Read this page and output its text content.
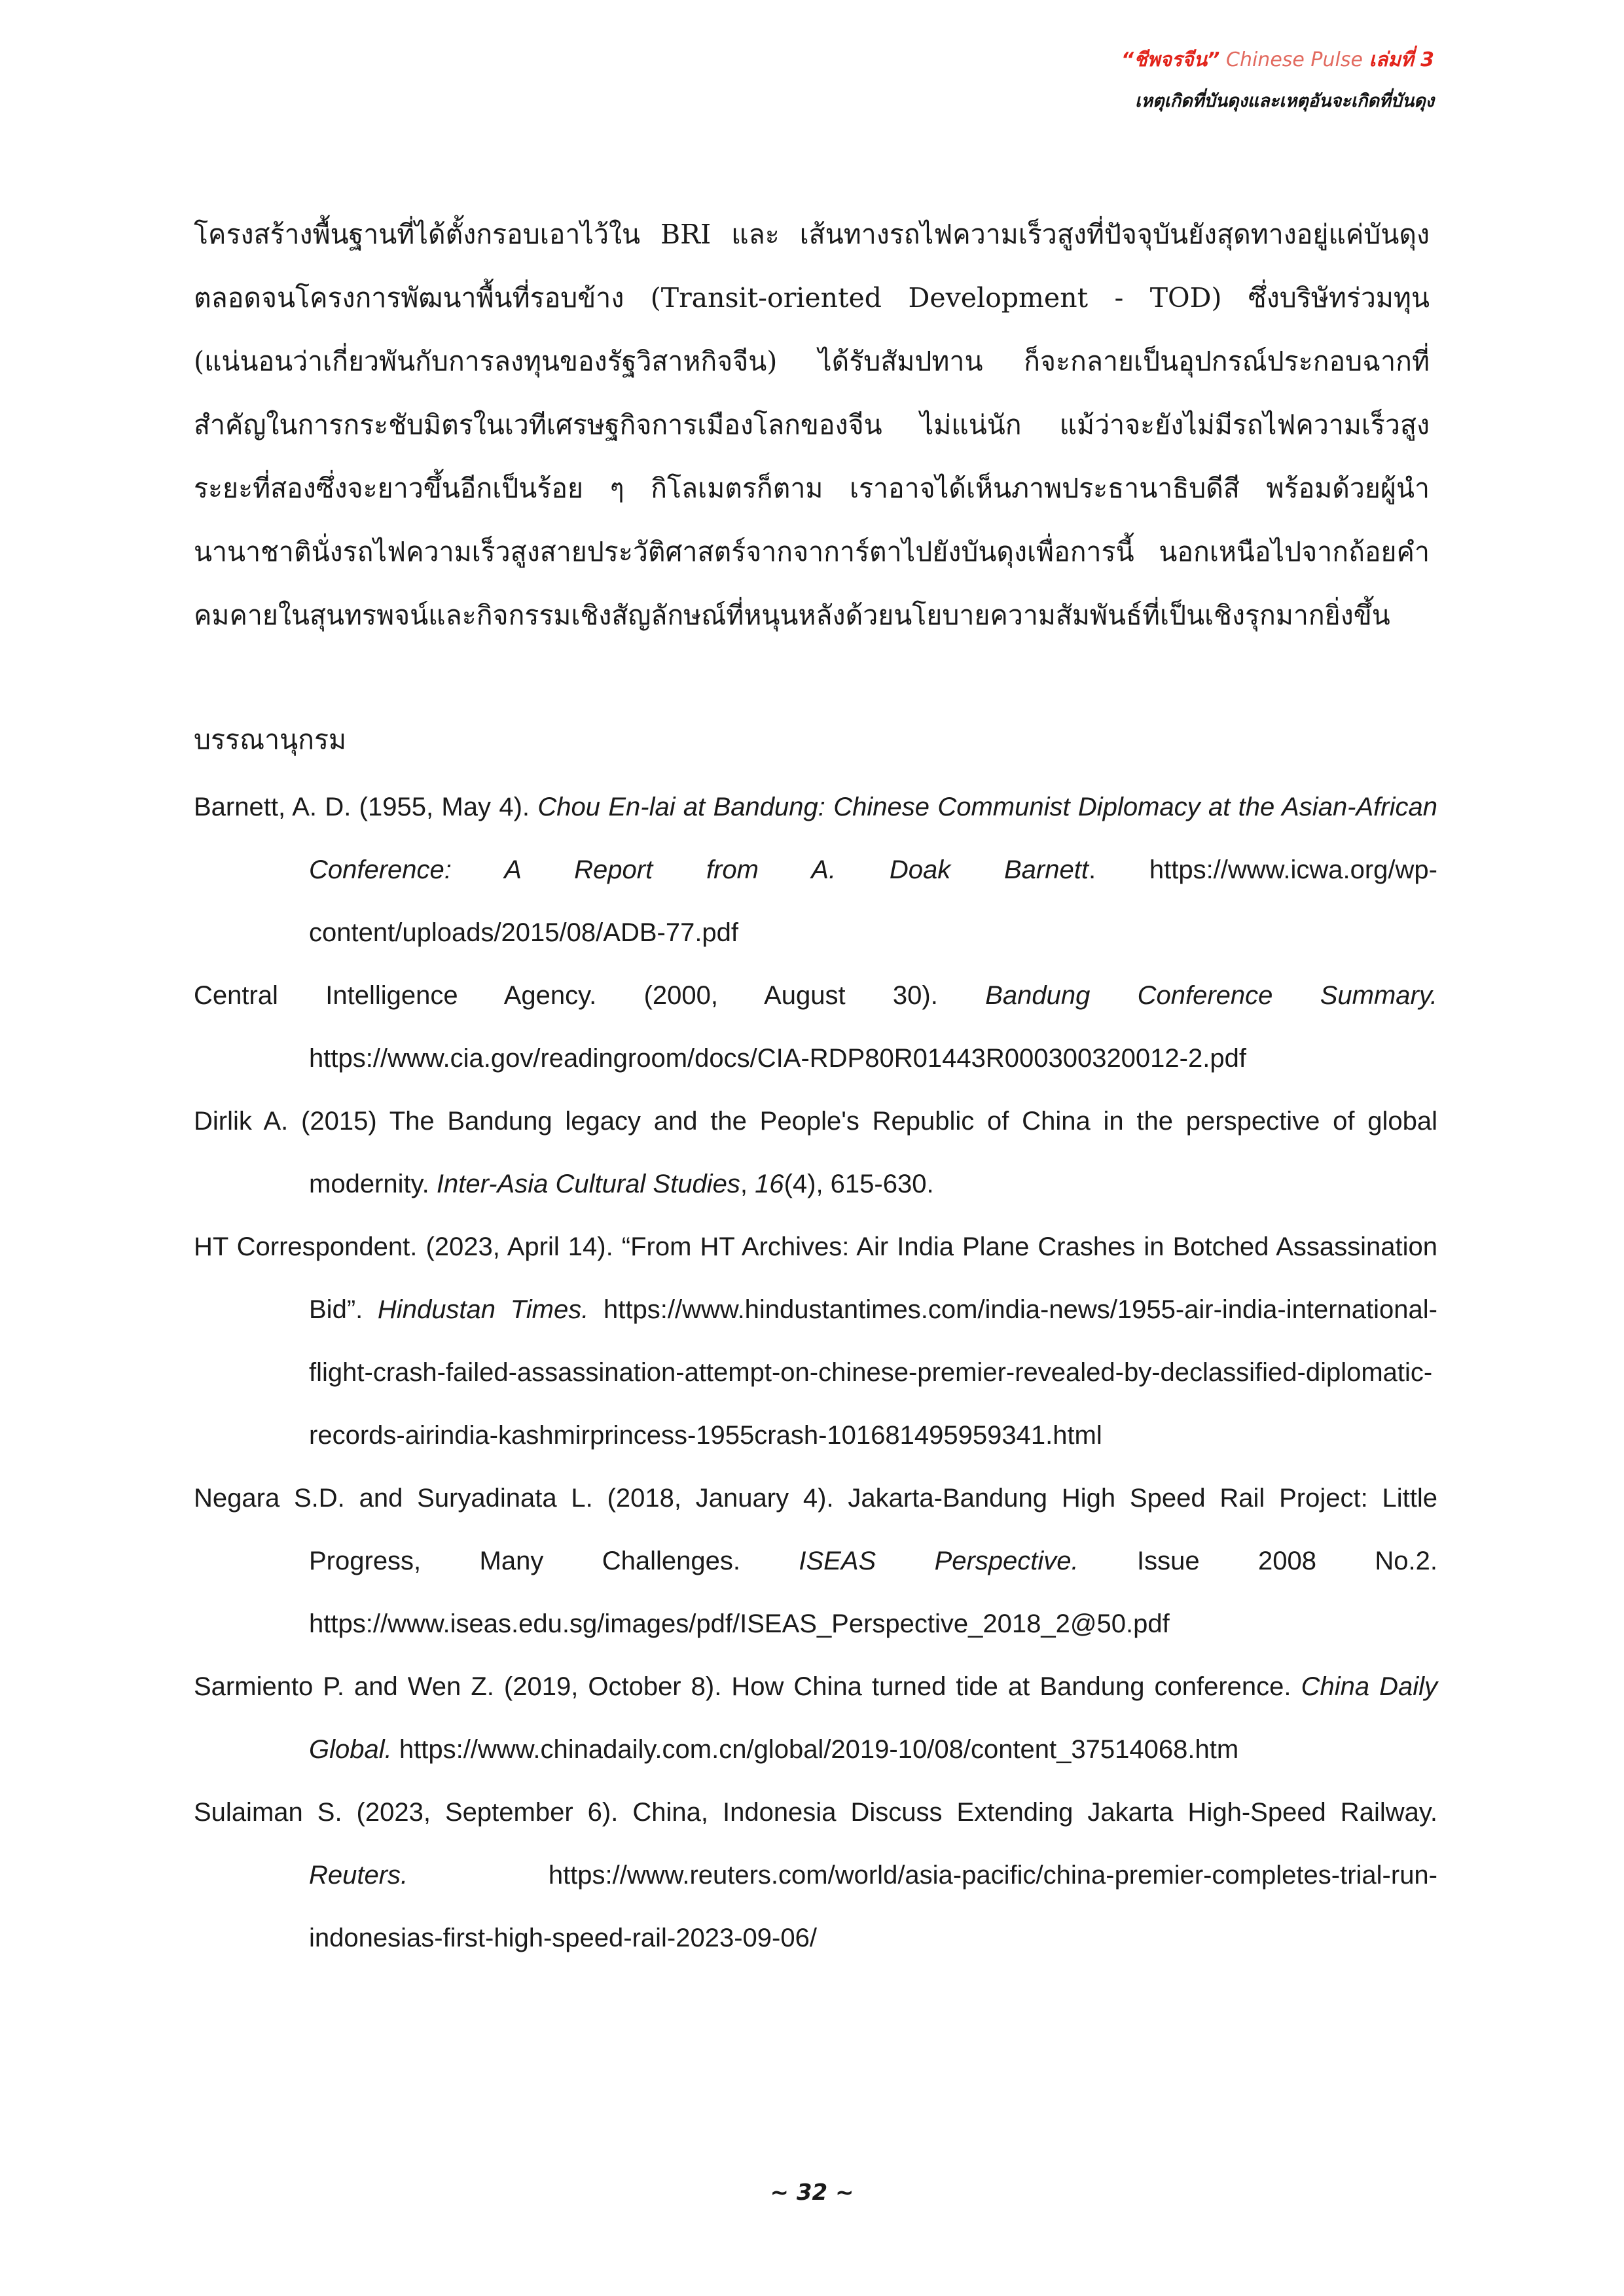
“ชีพจรจีน” Chinese Pulse เล่มที่ 3
เหตุเกิดที่บันดุงและเหตุอันจะเกิดที่บันดุง
โครงสร้างพื้นฐานที่ได้ตั้งกรอบเอาไว้ใน BRI และ เส้นทางรถไฟความเร็วสูงที่ปัจจุบันยังสุดทางอยู่แค่บันดุงตลอดจนโครงการพัฒนาพื้นที่รอบข้าง (Transit-oriented Development - TOD) ซึ่งบริษัทร่วมทุน (แน่นอนว่าเกี่ยวพันกับการลงทุนของรัฐวิสาหกิจจีน) ได้รับสัมปทาน ก็จะกลายเป็นอุปกรณ์ประกอบฉากที่สำคัญในการกระชับมิตรในเวทีเศรษฐกิจการเมืองโลกของจีน ไม่แน่นัก แม้ว่าจะยังไม่มีรถไฟความเร็วสูงระยะที่สองซึ่งจะยาวขึ้นอีกเป็นร้อย ๆ กิโลเมตรก็ตาม เราอาจได้เห็นภาพประธานาธิบดีสี พร้อมด้วยผู้นำนานาชาตินั่งรถไฟความเร็วสูงสายประวัติศาสตร์จากจาการ์ตาไปยังบันดุงเพื่อการนี้ นอกเหนือไปจากถ้อยคำคมคายในสุนทรพจน์และกิจกรรมเชิงสัญลักษณ์ที่หนุนหลังด้วยนโยบายความสัมพันธ์ที่เป็นเชิงรุกมากยิ่งขึ้น
บรรณานุกรม

Barnett, A. D. (1955, May 4). Chou En-lai at Bandung: Chinese Communist Diplomacy at the Asian-African Conference: A Report from A. Doak Barnett. https://www.icwa.org/wp-content/uploads/2015/08/ADB-77.pdf

Central Intelligence Agency. (2000, August 30). Bandung Conference Summary. https://www.cia.gov/readingroom/docs/CIA-RDP80R01443R000300320012-2.pdf

Dirlik A. (2015) The Bandung legacy and the People's Republic of China in the perspective of global modernity. Inter-Asia Cultural Studies, 16(4), 615-630.

HT Correspondent. (2023, April 14). “From HT Archives: Air India Plane Crashes in Botched Assassination Bid”. Hindustan Times. https://www.hindustantimes.com/india-news/1955-air-india-international-flight-crash-failed-assassination-attempt-on-chinese-premier-revealed-by-declassified-diplomatic-records-airindia-kashmirprincess-1955crash-101681495959341.html

Negara S.D. and Suryadinata L. (2018, January 4). Jakarta-Bandung High Speed Rail Project: Little Progress, Many Challenges. ISEAS Perspective. Issue 2008 No.2. https://www.iseas.edu.sg/images/pdf/ISEAS_Perspective_2018_2@50.pdf

Sarmiento P. and Wen Z. (2019, October 8). How China turned tide at Bandung conference. China Daily Global. https://www.chinadaily.com.cn/global/2019-10/08/content_37514068.htm

Sulaiman S. (2023, September 6). China, Indonesia Discuss Extending Jakarta High-Speed Railway. Reuters. https://www.reuters.com/world/asia-pacific/china-premier-completes-trial-run-indonesias-first-high-speed-rail-2023-09-06/

~ 32 ~
